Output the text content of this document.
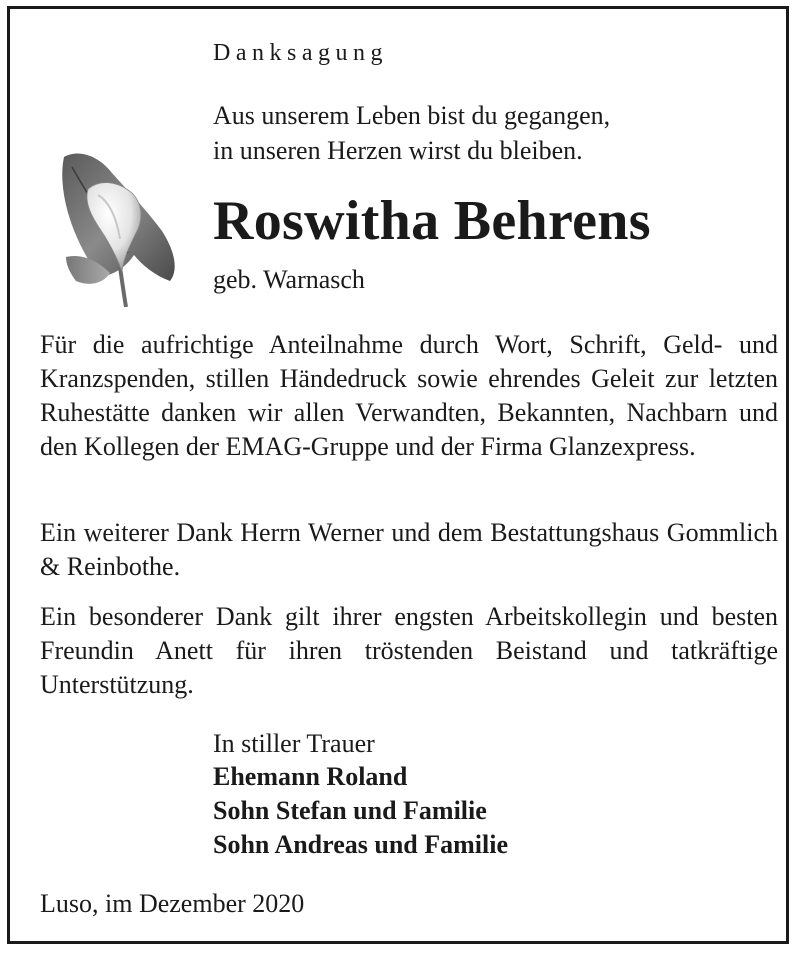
Danksagung
Aus unserem Leben bist du gegangen,
in unseren Herzen wirst du bleiben.
Roswitha Behrens
geb. Warnasch
Für die aufrichtige Anteilnahme durch Wort, Schrift, Geld- und Kranzspenden, stillen Händedruck sowie ehrendes Geleit zur letzten Ruhestätte danken wir allen Verwandten, Bekannten, Nachbarn und den Kollegen der EMAG-Gruppe und der Firma Glanzexpress.
Ein weiterer Dank Herrn Werner und dem Bestattungshaus Gommlich & Reinbothe.
Ein besonderer Dank gilt ihrer engsten Arbeitskollegin und besten Freundin Anett für ihren tröstenden Beistand und tatkräftige Unterstützung.
In stiller Trauer
Ehemann Roland
Sohn Stefan und Familie
Sohn Andreas und Familie
Luso, im Dezember 2020
